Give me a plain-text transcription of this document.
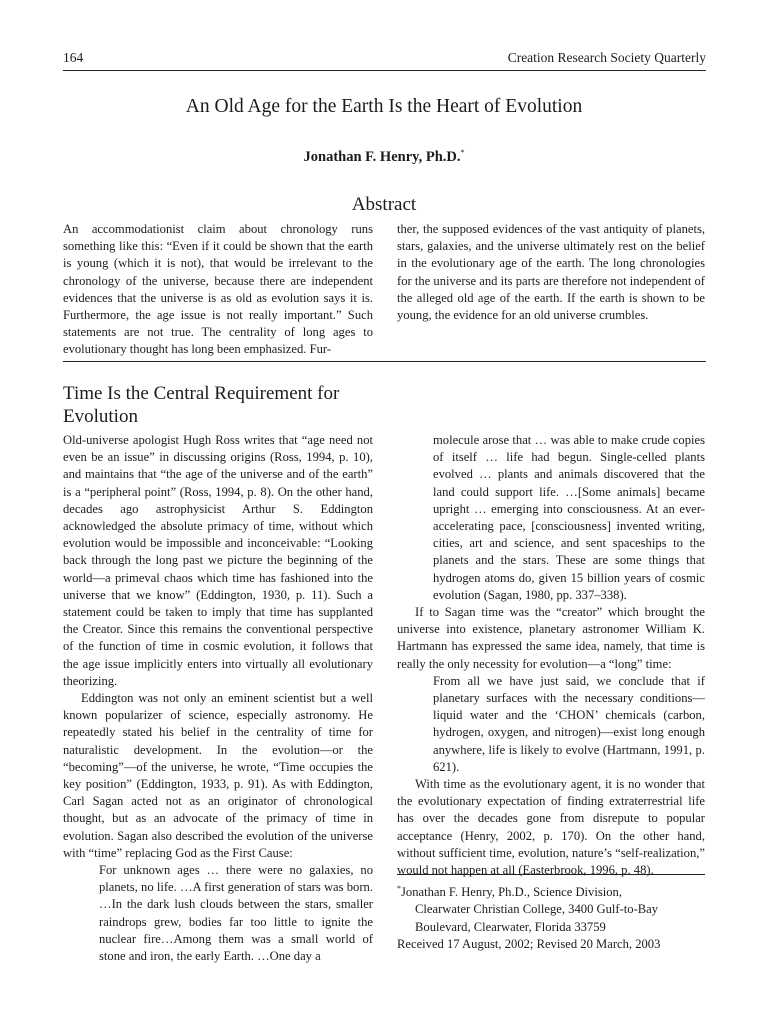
164	Creation Research Society Quarterly
An Old Age for the Earth Is the Heart of Evolution
Jonathan F. Henry, Ph.D.*
Abstract

An accommodationist claim about chronology runs something like this: “Even if it could be shown that the earth is young (which it is not), that would be irrelevant to the chronology of the universe, because there are independent evidences that the universe is as old as evolution says it is. Furthermore, the age issue is not really important.” Such statements are not true. The centrality of long ages to evolutionary thought has long been emphasized. Fur-

ther, the supposed evidences of the vast antiquity of planets, stars, galaxies, and the universe ultimately rest on the belief in the evolutionary age of the earth. The long chronologies for the universe and its parts are therefore not independent of the alleged old age of the earth. If the earth is shown to be young, the evidence for an old universe crumbles.

Time Is the Central Requirement for Evolution

Old-universe apologist Hugh Ross writes that “age need not even be an issue” in discussing origins (Ross, 1994, p. 10), and maintains that “the age of the universe and of the earth” is a “peripheral point” (Ross, 1994, p. 8). On the other hand, decades ago astrophysicist Arthur S. Eddington acknowledged the absolute primacy of time, without which evolution would be impossible and inconceivable: “Looking back through the long past we picture the beginning of the world—a primeval chaos which time has fashioned into the universe that we know” (Eddington, 1930, p. 11). Such a statement could be taken to imply that time has supplanted the Creator. Since this remains the conventional perspective of the function of time in cosmic evolution, it follows that the age issue implicitly enters into virtually all evolutionary theorizing.

Eddington was not only an eminent scientist but a well known popularizer of science, especially astronomy. He repeatedly stated his belief in the centrality of time for naturalistic development. In the evolution—or the “becoming”—of the universe, he wrote, “Time occupies the key position” (Eddington, 1933, p. 91). As with Eddington, Carl Sagan acted not as an originator of chronological thought, but as an advocate of the primacy of time in evolution. Sagan also described the evolution of the universe with “time” replacing God as the First Cause:

For unknown ages … there were no galaxies, no planets, no life. …A first generation of stars was born. …In the dark lush clouds between the stars, smaller raindrops grew, bodies far too little to ignite the nuclear fire…Among them was a small world of stone and iron, the early Earth. …One day a

molecule arose that … was able to make crude copies of itself … life had begun. Single-celled plants evolved … plants and animals discovered that the land could support life. …[Some animals] became upright … emerging into consciousness. At an ever-accelerating pace, [consciousness] invented writing, cities, art and science, and sent spaceships to the planets and the stars. These are some things that hydrogen atoms do, given 15 billion years of cosmic evolution (Sagan, 1980, pp. 337–338).

If to Sagan time was the “creator” which brought the universe into existence, planetary astronomer William K. Hartmann has expressed the same idea, namely, that time is really the only necessity for evolution—a “long” time:

From all we have just said, we conclude that if planetary surfaces with the necessary conditions—liquid water and the ‘CHON’ chemicals (carbon, hydrogen, oxygen, and nitrogen)—exist long enough anywhere, life is likely to evolve (Hartmann, 1991, p. 621).

With time as the evolutionary agent, it is no wonder that the evolutionary expectation of finding extraterrestrial life has over the decades gone from disrepute to popular acceptance (Henry, 2002, p. 170). On the other hand, without sufficient time, evolution, nature’s “self-realization,” would not happen at all (Easterbrook, 1996, p. 48).

*Jonathan F. Henry, Ph.D., Science Division,

Clearwater Christian College, 3400 Gulf-to-Bay

Boulevard, Clearwater, Florida 33759

Received 17 August, 2002; Revised 20 March, 2003
